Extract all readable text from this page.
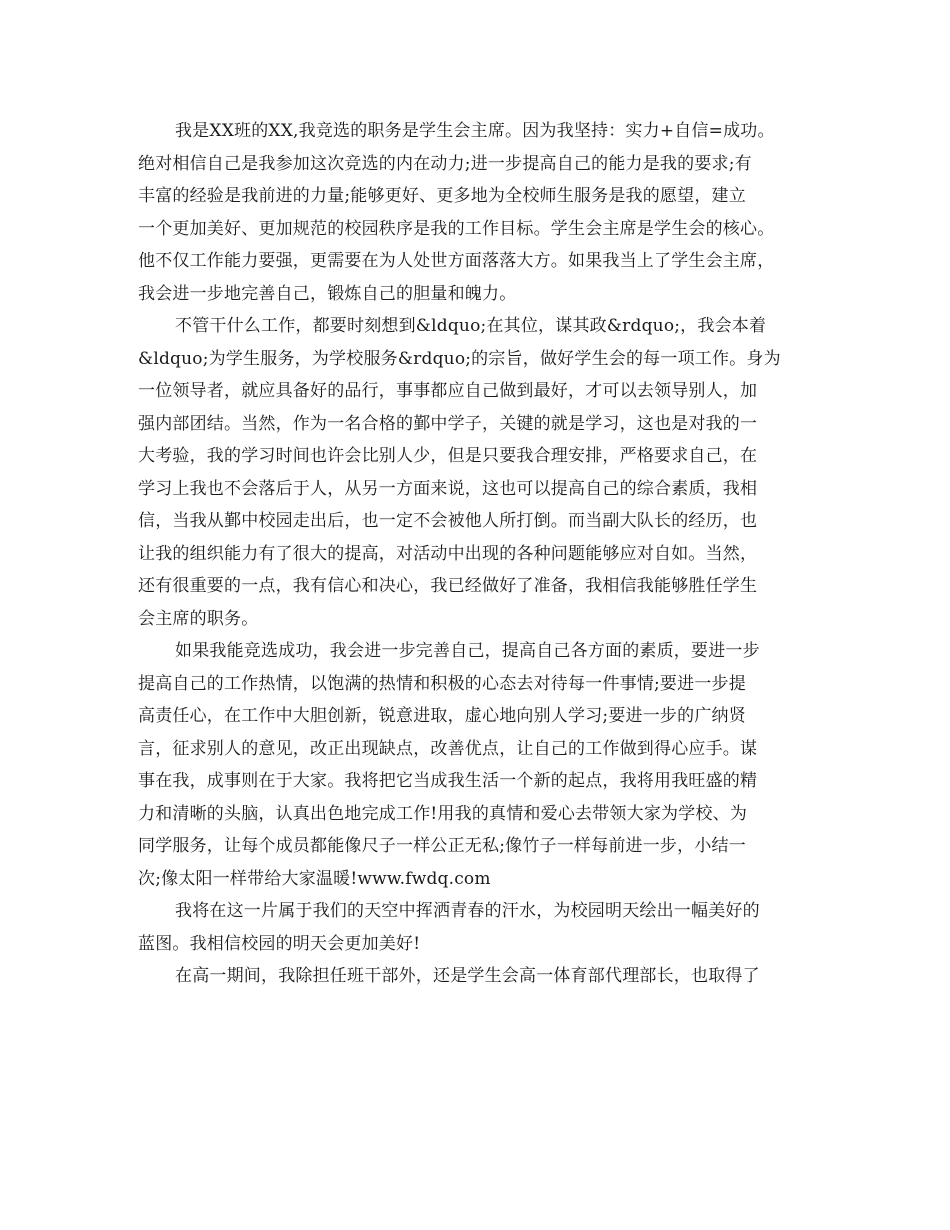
我是XX班的XX,我竞选的职务是学生会主席。因为我坚持：实力+自信=成功。
绝对相信自己是我参加这次竞选的内在动力;进一步提高自己的能力是我的要求;有
丰富的经验是我前进的力量;能够更好、更多地为全校师生服务是我的愿望，建立
一个更加美好、更加规范的校园秩序是我的工作目标。学生会主席是学生会的核心。
他不仅工作能力要强，更需要在为人处世方面落落大方。如果我当上了学生会主席，
我会进一步地完善自己，锻炼自己的胆量和魄力。
不管干什么工作，都要时刻想到&ldquo;在其位，谋其政&rdquo;，我会本着
&ldquo;为学生服务，为学校服务&rdquo;的宗旨，做好学生会的每一项工作。身为
一位领导者，就应具备好的品行，事事都应自己做到最好，才可以去领导别人，加
强内部团结。当然，作为一名合格的鄞中学子，关键的就是学习，这也是对我的一
大考验，我的学习时间也许会比别人少，但是只要我合理安排，严格要求自己，在
学习上我也不会落后于人，从另一方面来说，这也可以提高自己的综合素质，我相
信，当我从鄞中校园走出后，也一定不会被他人所打倒。而当副大队长的经历，也
让我的组织能力有了很大的提高，对活动中出现的各种问题能够应对自如。当然，
还有很重要的一点，我有信心和决心，我已经做好了准备，我相信我能够胜任学生
会主席的职务。
如果我能竞选成功，我会进一步完善自己，提高自己各方面的素质，要进一步
提高自己的工作热情，以饱满的热情和积极的心态去对待每一件事情;要进一步提
高责任心，在工作中大胆创新，锐意进取，虚心地向别人学习;要进一步的广纳贤
言，征求别人的意见，改正出现缺点，改善优点，让自己的工作做到得心应手。谋
事在我，成事则在于大家。我将把它当成我生活一个新的起点，我将用我旺盛的精
力和清晰的头脑，认真出色地完成工作!用我的真情和爱心去带领大家为学校、为
同学服务，让每个成员都能像尺子一样公正无私;像竹子一样每前进一步，小结一
次;像太阳一样带给大家温暖!www.fwdq.com
我将在这一片属于我们的天空中挥洒青春的汗水，为校园明天绘出一幅美好的
蓝图。我相信校园的明天会更加美好!
在高一期间，我除担任班干部外，还是学生会高一体育部代理部长，也取得了
